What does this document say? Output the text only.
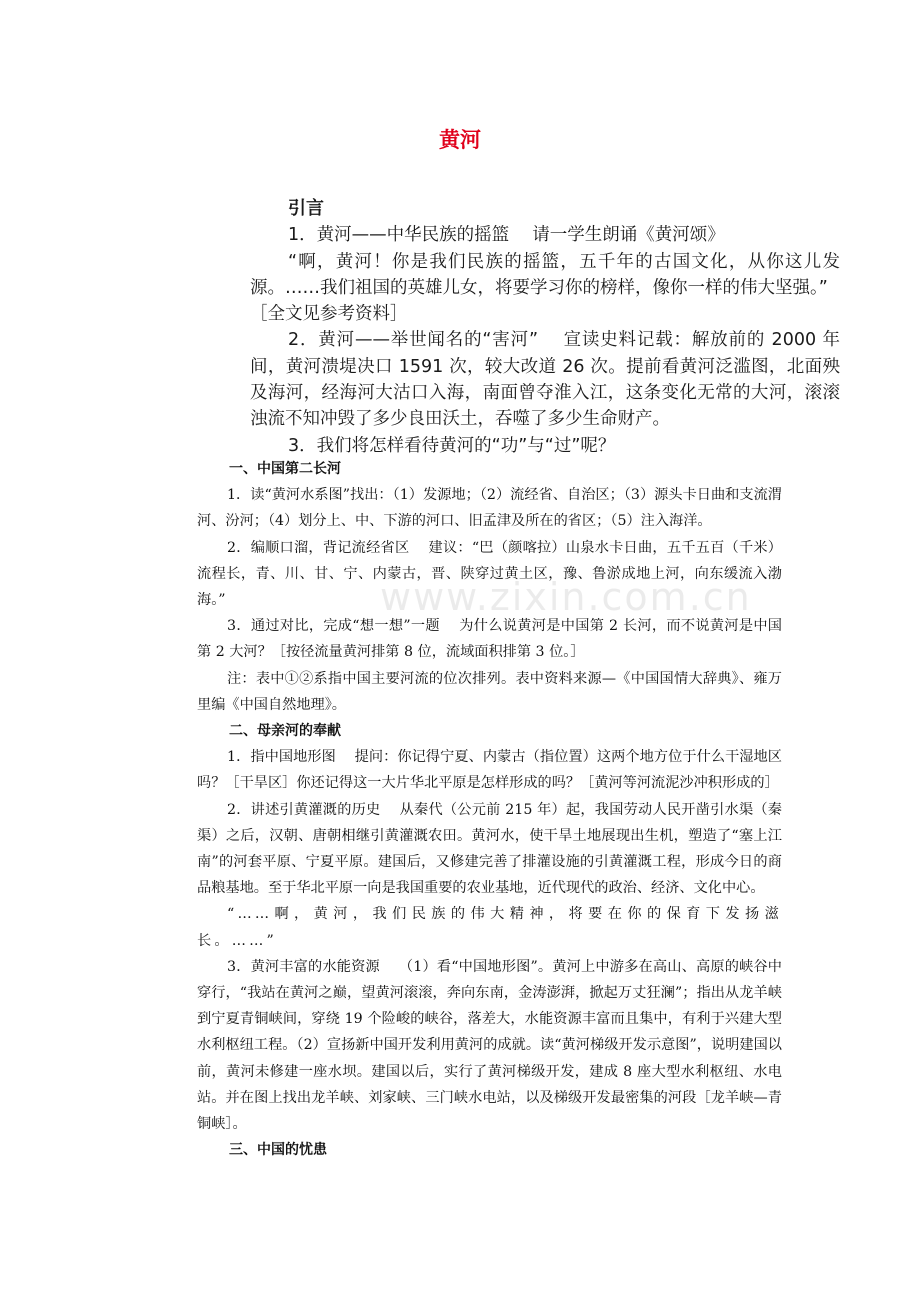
黄河
引言

1．黄河——中华民族的摇篮　 请一学生朗诵《黄河颂》

“啊，黄河！你是我们民族的摇篮，五千年的古国文化，从你这儿发源。……我们祖国的英雄儿女，将要学习你的榜样，像你一样的伟大坚强。”

［全文见参考资料］

2．黄河——举世闻名的“害河”　 宣读史料记载：解放前的 2000 年间，黄河溃堤决口 1591 次，较大改道 26 次。提前看黄河泛滥图，北面殃及海河，经海河大沽口入海，南面曾夺淮入江，这条变化无常的大河，滚滚浊流不知冲毁了多少良田沃土，吞噬了多少生命财产。

3．我们将怎样看待黄河的“功”与“过”呢？

www.zixin.com.cn

一、中国第二长河

1．读“黄河水系图”找出：（1）发源地；（2）流经省、自治区；（3）源头卡日曲和支流渭河、汾河；（4）划分上、中、下游的河口、旧孟津及所在的省区；（5）注入海洋。

2．编顺口溜，背记流经省区　 建议：“巴（颜喀拉）山泉水卡日曲，五千五百（千米）流程长，青、川、甘、宁、内蒙古，晋、陕穿过黄土区，豫、鲁淤成地上河，向东缓流入渤海。”

3．通过对比，完成“想一想”一题　 为什么说黄河是中国第 2 长河，而不说黄河是中国第 2 大河？［按径流量黄河排第 8 位，流域面积排第 3 位。］

注：表中①②系指中国主要河流的位次排列。表中资料来源—《中国国情大辞典》、雍万里编《中国自然地理》。

二、母亲河的奉献

1．指中国地形图　 提问：你记得宁夏、内蒙古（指位置）这两个地方位于什么干湿地区吗？［干旱区］你还记得这一大片华北平原是怎样形成的吗？［黄河等河流泥沙冲积形成的］

2．讲述引黄灌溉的历史　 从秦代（公元前 215 年）起，我国劳动人民开凿引水渠（秦渠）之后，汉朝、唐朝相继引黄灌溉农田。黄河水，使干旱土地展现出生机，塑造了“塞上江南”的河套平原、宁夏平原。建国后，又修建完善了排灌设施的引黄灌溉工程，形成今日的商品粮基地。至于华北平原一向是我国重要的农业基地，近代现代的政治、经济、文化中心。

“……啊，黄河，我们民族的伟大精神，将要在你的保育下发扬滋长。……”

3．黄河丰富的水能资源　 （1）看“中国地形图”。黄河上中游多在高山、高原的峡谷中穿行，“我站在黄河之巅，望黄河滚滚，奔向东南，金涛澎湃，掀起万丈狂澜”；指出从龙羊峡到宁夏青铜峡间，穿绕 19 个险峻的峡谷，落差大，水能资源丰富而且集中，有利于兴建大型水利枢纽工程。（2）宣扬新中国开发利用黄河的成就。读“黄河梯级开发示意图”，说明建国以前，黄河未修建一座水坝。建国以后，实行了黄河梯级开发，建成 8 座大型水利枢纽、水电站。并在图上找出龙羊峡、刘家峡、三门峡水电站，以及梯级开发最密集的河段［龙羊峡—青铜峡］。

三、中国的忧患
